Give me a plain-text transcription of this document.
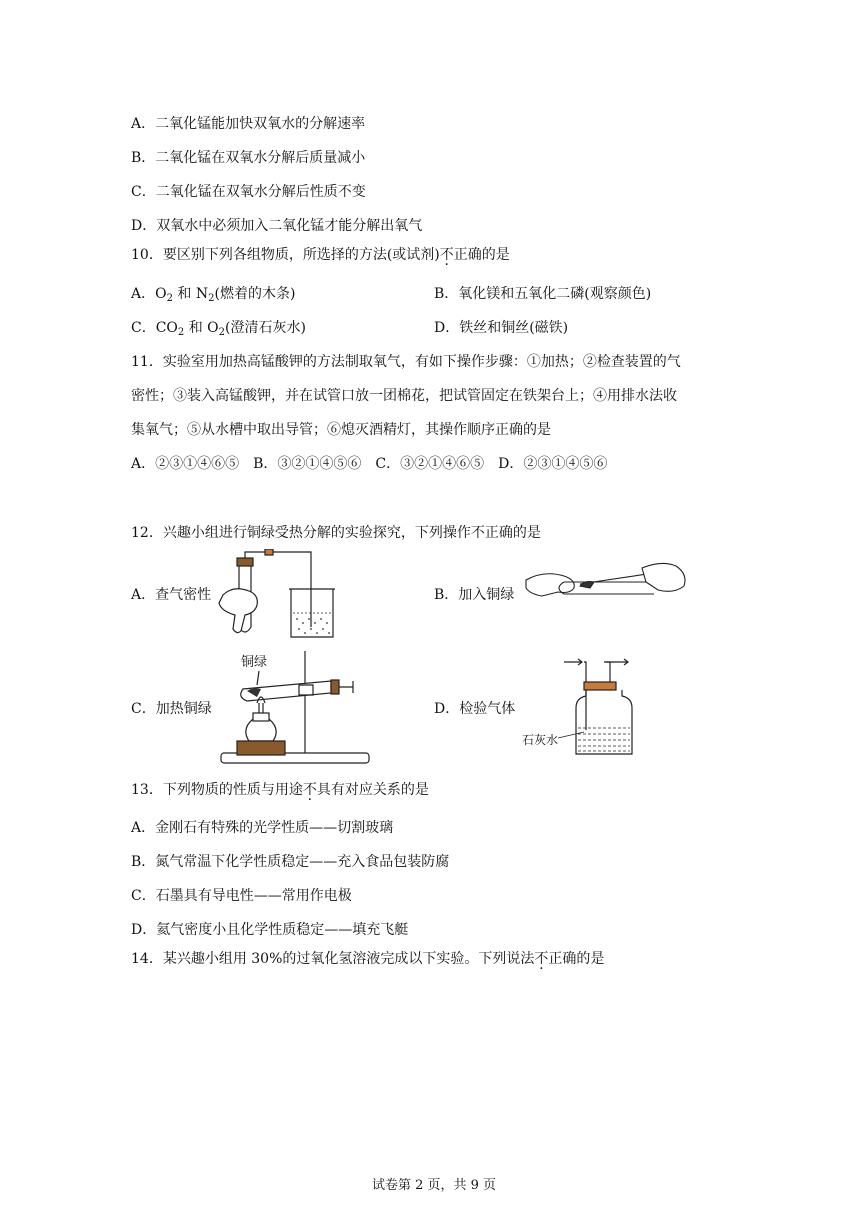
A．二氧化锰能加快双氧水的分解速率
B．二氧化锰在双氧水分解后质量减小
C．二氧化锰在双氧水分解后性质不变
D．双氧水中必须加入二氧化锰才能分解出氧气
10．要区别下列各组物质，所选择的方法(或试剂)不正确的是
A．$O_2$ 和 $N_2$(燃着的木条)	B．氧化镁和五氧化二磷(观察颜色)
C．$CO_2$ 和 $O_2$(澄清石灰水)	D．铁丝和铜丝(磁铁)
11．实验室用加热高锰酸钾的方法制取氧气，有如下操作步骤：①加热；②检查装置的气
密性；③装入高锰酸钾，并在试管口放一团棉花，把试管固定在铁架台上；④用排水法收
集氧气；⑤从水槽中取出导管；⑥熄灭酒精灯，其操作顺序正确的是
A．②③①④⑥⑤　B．③②①④⑤⑥　C．③②①④⑥⑤　D．②③①④⑤⑥
12．兴趣小组进行铜绿受热分解的实验探究，下列操作不正确的是
A．查气密性	B．加入铜绿
C．加热铜绿	D．检验气体
铜绿
石灰水
13．下列物质的性质与用途不具有对应关系的是
A．金刚石有特殊的光学性质——切割玻璃
B．氮气常温下化学性质稳定——充入食品包装防腐
C．石墨具有导电性——常用作电极
D．氦气密度小且化学性质稳定——填充飞艇
14．某兴趣小组用 30%的过氧化氢溶液完成以下实验。下列说法不正确的是
试卷第 2 页，共 9 页
